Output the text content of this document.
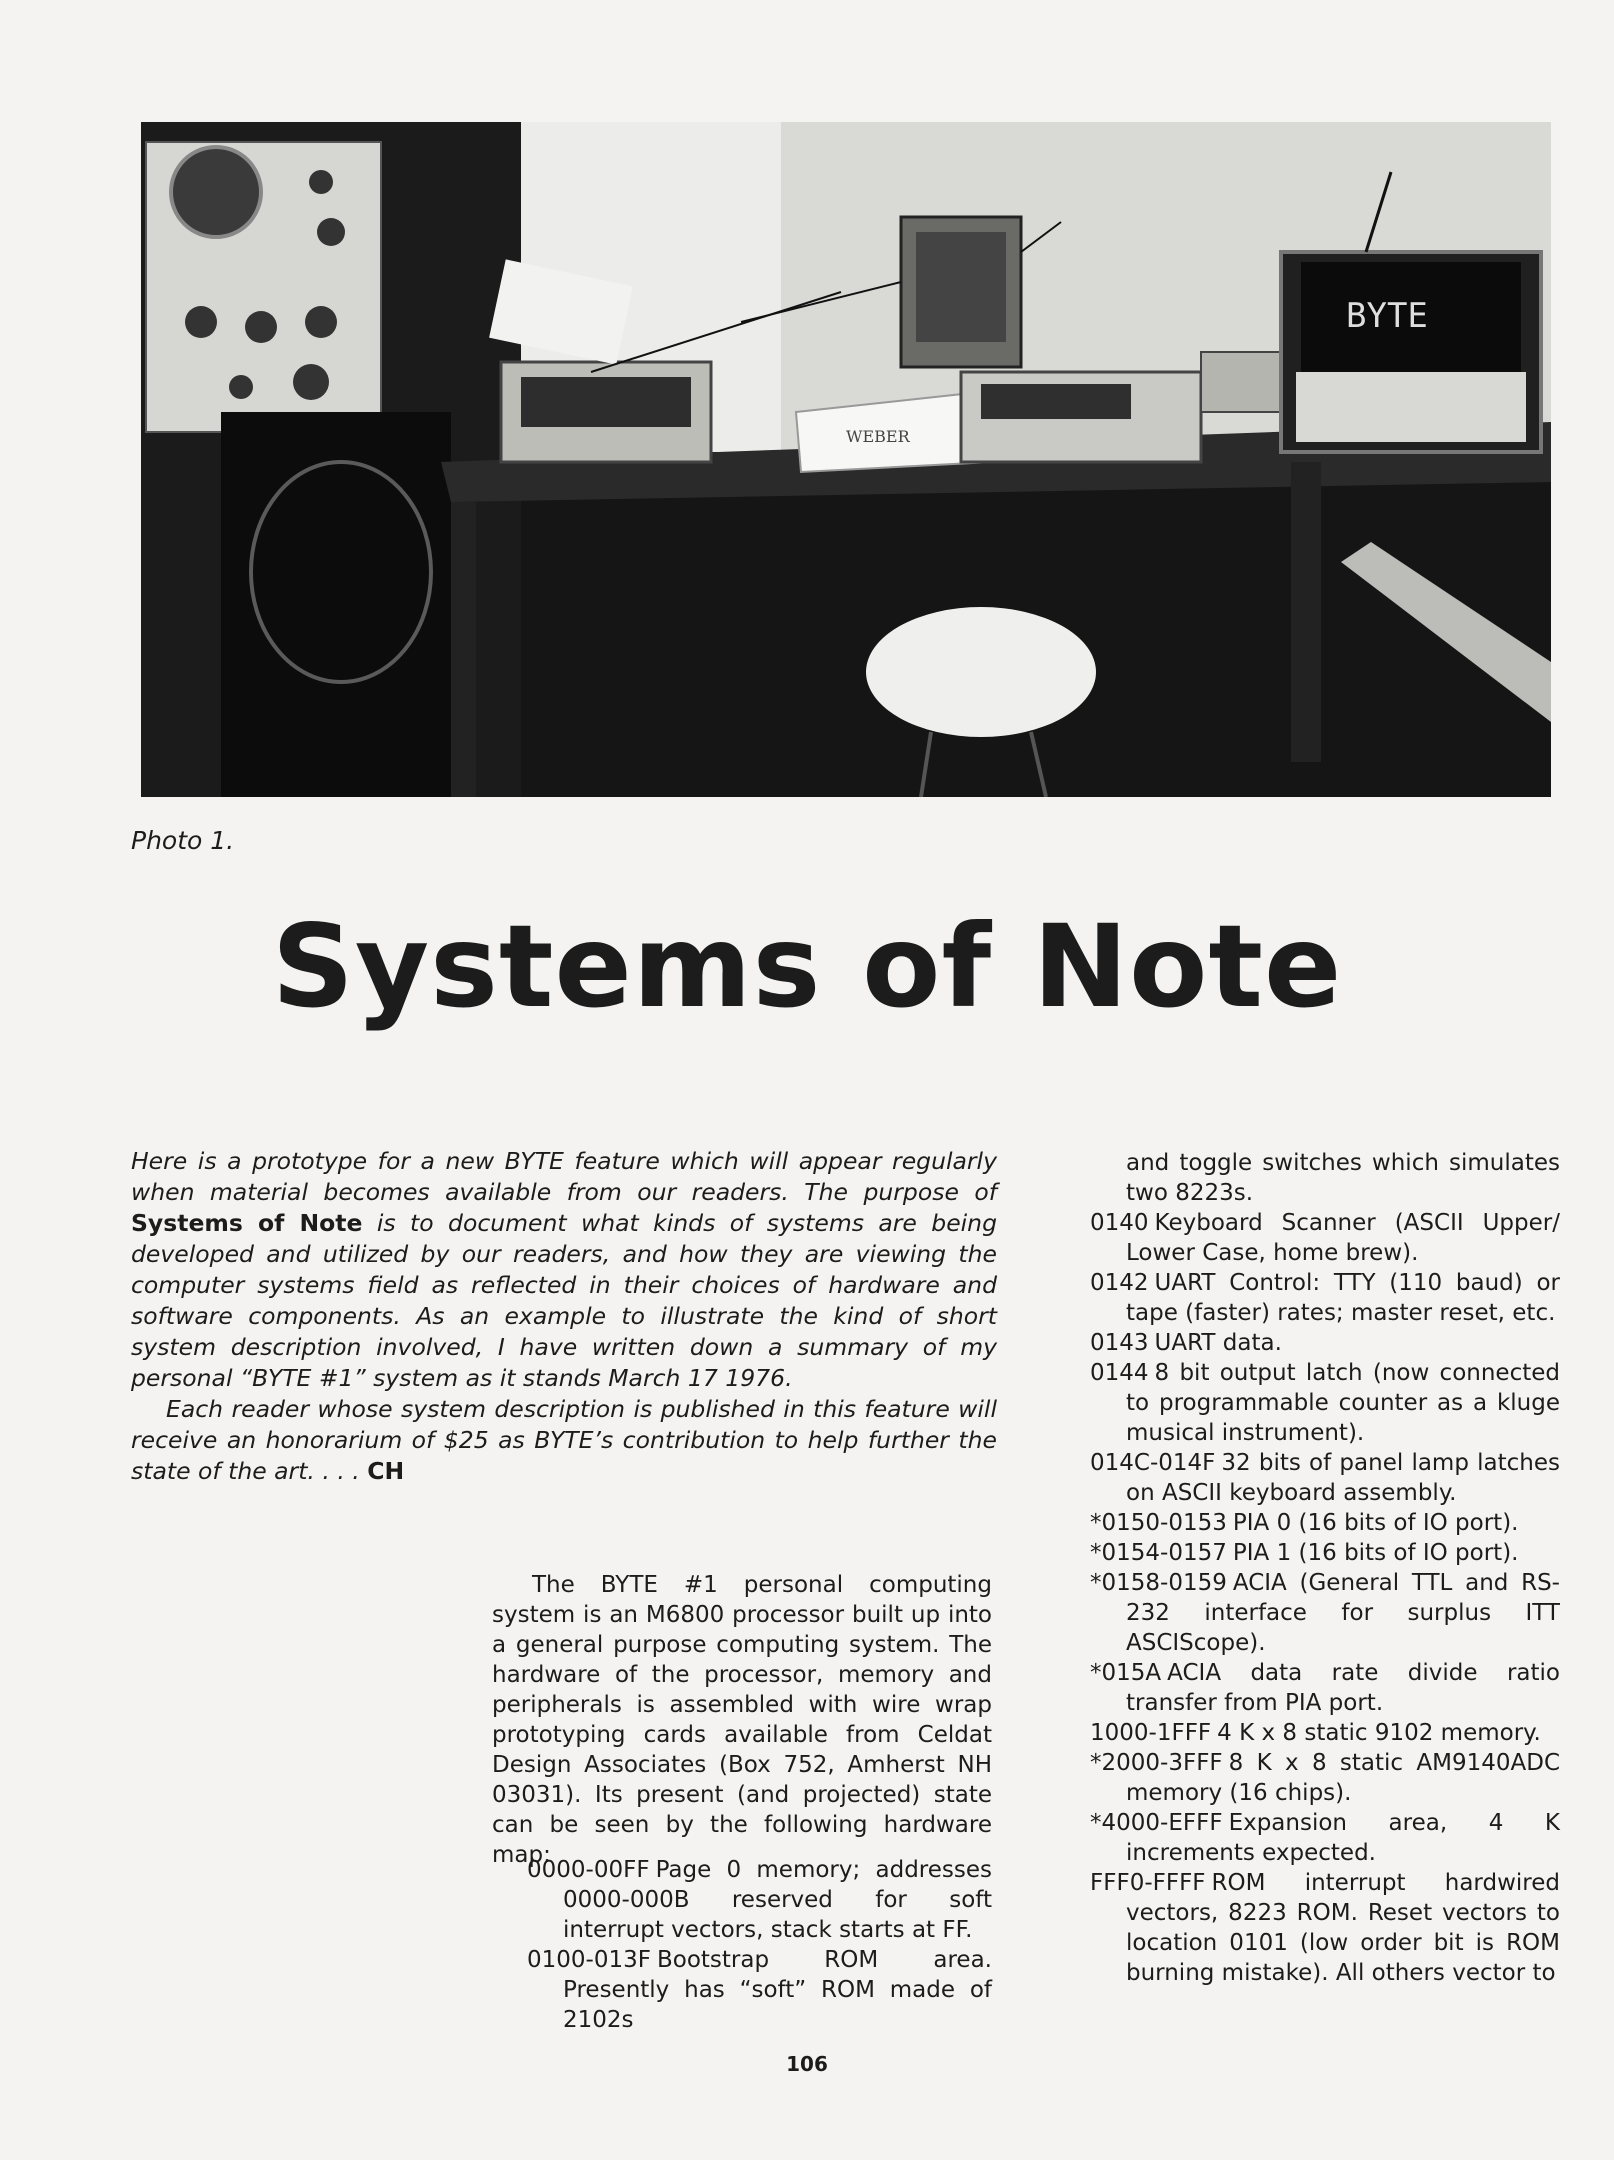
WEBER
BYTE
Photo 1.
Systems of Note

Here is a prototype for a new BYTE feature which will appear regularly when material becomes available from our readers. The purpose of Systems of Note is to document what kinds of systems are being developed and utilized by our readers, and how they are viewing the computer systems field as reflected in their choices of hardware and software components. As an example to illustrate the kind of short system description involved, I have written down a summary of my personal “BYTE #1” system as it stands March 17 1976.

Each reader whose system description is published in this feature will receive an honorarium of $25 as BYTE’s contribution to help further the state of the art. . . . CH

The BYTE #1 personal computing system is an M6800 processor built up into a general purpose computing system. The hardware of the processor, memory and peripherals is assembled with wire wrap prototyping cards available from Celdat Design Associates (Box 752, Amherst NH 03031). Its present (and projected) state can be seen by the following hardware map:

0000-00FF Page 0 memory; addresses 0000-000B reserved for soft interrupt vectors, stack starts at FF.

0100-013F Bootstrap ROM area. Presently has “soft” ROM made of 2102s

and toggle switches which simulates two 8223s.

0140 Keyboard Scanner (ASCII Upper/ Lower Case, home brew).

0142 UART Control: TTY (110 baud) or tape (faster) rates; master reset, etc.

0143 UART data.

0144 8 bit output latch (now connected to programmable counter as a kluge musical instrument).

014C-014F 32 bits of panel lamp latches on ASCII keyboard assembly.

*0150-0153 PIA 0 (16 bits of IO port).

*0154-0157 PIA 1 (16 bits of IO port).

*0158-0159 ACIA (General TTL and RS-232 interface for surplus ITT ASCIScope).

*015A ACIA data rate divide ratio transfer from PIA port.

1000-1FFF 4 K x 8 static 9102 memory.

*2000-3FFF 8 K x 8 static AM9140ADC memory (16 chips).

*4000-EFFF Expansion area, 4 K increments expected.

FFF0-FFFF ROM interrupt hardwired vectors, 8223 ROM. Reset vectors to location 0101 (low order bit is ROM burning mistake). All others vector to

106
